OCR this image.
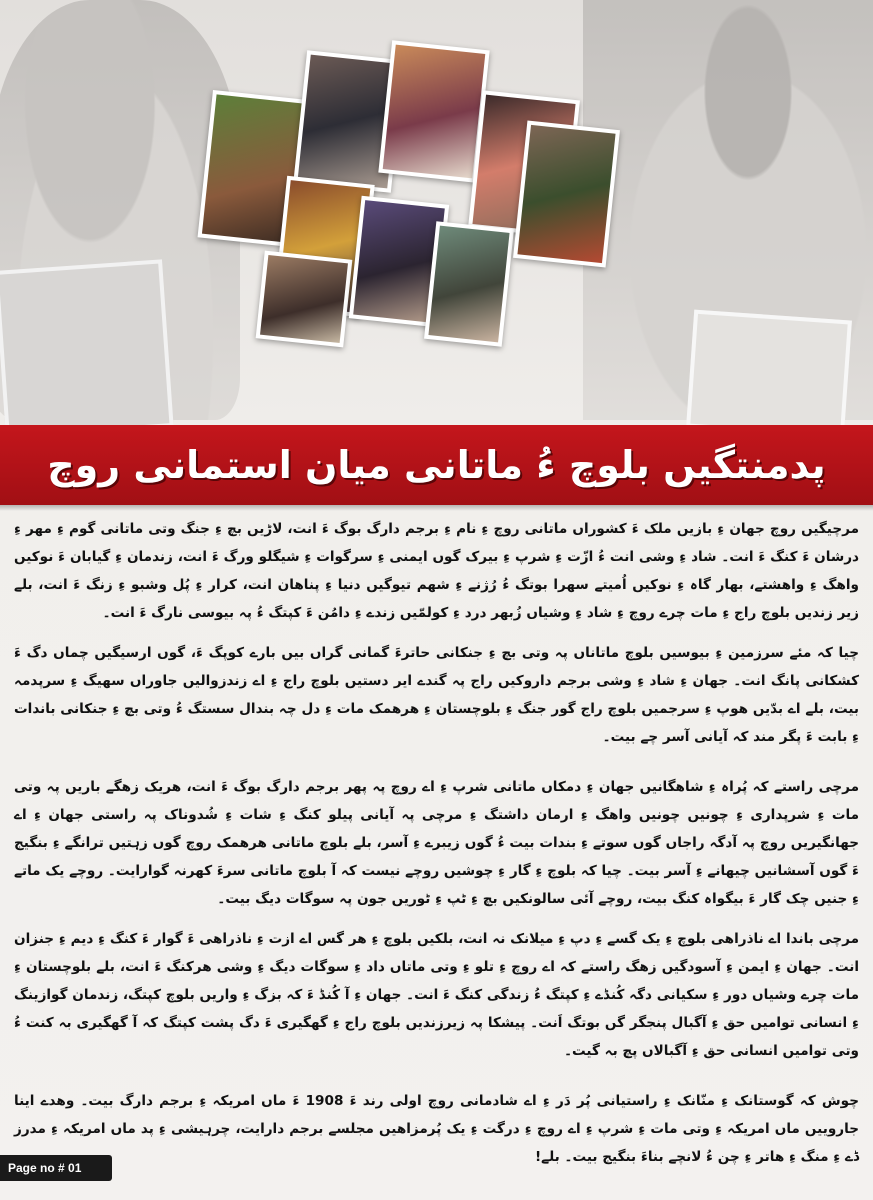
پدمنتگیں بلوچ ءُ ماتانی میان استمانی روچ

مرچیگیں روچ جھان ءِ بازیں ملک ءَ کشوراں ماتانی روچ ءِ نام ءِ برجم دارگ بوگ ءَ انت، لاڑیں بچ ءِ جنگ وتی ماتانی گوم ءِ مھر ءِ درشان ءَ کنگ ءَ انت۔ شاد ءِ وشی انت ءُ ازّت ءِ شرپ ءِ بیرک گوں ایمنی ءِ سرگوات ءِ شیگلو ورگ ءَ انت، زندمان ءِ گیابان ءَ نوکیں واھگ ءِ واھشتے، بھار گاہ ءِ نوکیں اُمیتے سھرا بوتگ ءُ رُژنے ءِ شھم تیوگیں دنیا ءِ پناھان انت، کرار ءِ پُل وشبو ءِ زنگ ءَ انت، بلے زیر زندیں بلوچ راج ءِ مات چرے روچ ءِ شاد ءِ وشیاں زُبھر درد ءِ کولمّیں زندے ءِ دامُن ءَ کپتگ ءُ پہ بیوسی نارگ ءَ انت۔

چیا کہ مئے سرزمین ءِ بیوسیں بلوچ ماتاناں پہ وتی بچ ءِ جنکانی حاترءَ گمانی گراں بیں بارے کوپگ ءَ، گوں ارسیگیں چماں دگ ءَ کشکانی پانگ انت۔ جھان ءِ شاد ءِ وشی برجم داروکیں راج پہ گندے ایر دستیں بلوچ راج ءِ اے زندزوالیں جاوراں سھیگ ءِ سرپدمہ بیت، بلے اے بدّیں ھوپ ءِ سرجمیں بلوچ راج گور جنگ ءِ بلوچستان ءِ ھرھمک مات ءِ دل چہ بندال سستگ ءُ وتی بچ ءِ جنکانی باندات ءِ بابت ءَ پگر مند کہ آیانی آسر چے بیت۔

مرچی راستے کہ پُراہ ءِ شاھگانیں جھان ءِ دمکاں ماتانی شرپ ءِ اے روچ پہ پھر برجم دارگ بوگ ءَ انت، ھریک زھگے باریں پہ وتی مات ءِ شرپداری ءِ چونیں چونیں واھگ ءِ ارمان داشتگ ءِ مرچی پہ آیانی پیلو کنگ ءِ شات ءِ شُدوناک پہ راستی جھان ءِ اے جھانگیریں روچ پہ آدگہ راجاں گوں سوتے ءِ بندات بیت ءُ گوں زیبرے ءِ آسر، بلے بلوچ ماتانی ھرھمک روچ گوں زہتیں ترانگے ءِ بنگیج ءَ گوں آسشانیں چیھانے ءِ آسر بیت۔ چیا کہ بلوچ ءِ گار ءِ چوشیں روچے نیست کہ آ بلوچ ماتانی سرءَ کھرنہ گوارایت۔ روچے یک ماتے ءِ جنیں چک گار ءَ بیگواہ کنگ بیت، روچے آئی سالونکیں بچ ءِ ٹپ ءِ ٹوریں جون پہ سوگات دیگ بیت۔

مرچی باندا اے ناذراھی بلوچ ءِ یک گسے ءِ دپ ءِ میلانک نہ انت، بلکیں بلوچ ءِ ھر گس اے ازت ءِ ناذراھی ءَ گوار ءَ کنگ ءِ دیم ءِ جنزان انت۔ جھان ءِ ایمن ءِ آسودگیں زھگ راستے کہ اے روچ ءِ تلو ءِ وتی ماتاں داد ءِ سوگات دیگ ءِ وشی ھرکنگ ءَ انت، بلے بلوچستان ءِ مات چرے وشیاں دور ءِ سکیانی دگہ کُنڈے ءِ کپتگ ءُ زندگی کنگ ءَ انت۔ جھان ءِ آ کُنڈ ءَ کہ بزگ ءِ واریں بلوچ کپتگ، زندمان گوازینگ ءِ انسانی توامیں حق ءِ آگبال پنجگر گں بوتگ اَنت۔ پیشکا پہ زیرزندیں بلوچ راج ءِ گھگیری ءَ دگ پشت کپتگ کہ آ گھگیری بہ کنت ءُ وتی توامیں انسانی حق ءِ آگبالاں پچ بہ گیت۔

چوش کہ گوستانک ءِ منّانک ءِ راستیانی پُر دَر ءِ اے شادمانی روچ اولی رند ءَ 1908 ءَ ماں امریکہ ءِ برجم دارگ بیت۔ وھدے اینا جاروییں ماں امریکہ ءِ وتی مات ءِ شرپ ءِ اے روچ ءِ درگت ءِ یک پُرمزاھیں مجلسے برجم دارایت، چرہیشی ءِ پد ماں امریکہ ءِ مدرز ڈے ءِ منگ ءِ ھاتر ءِ چن ءُ لانچے بناءَ بنگیج بیت۔ بلے!

Page no # 01
